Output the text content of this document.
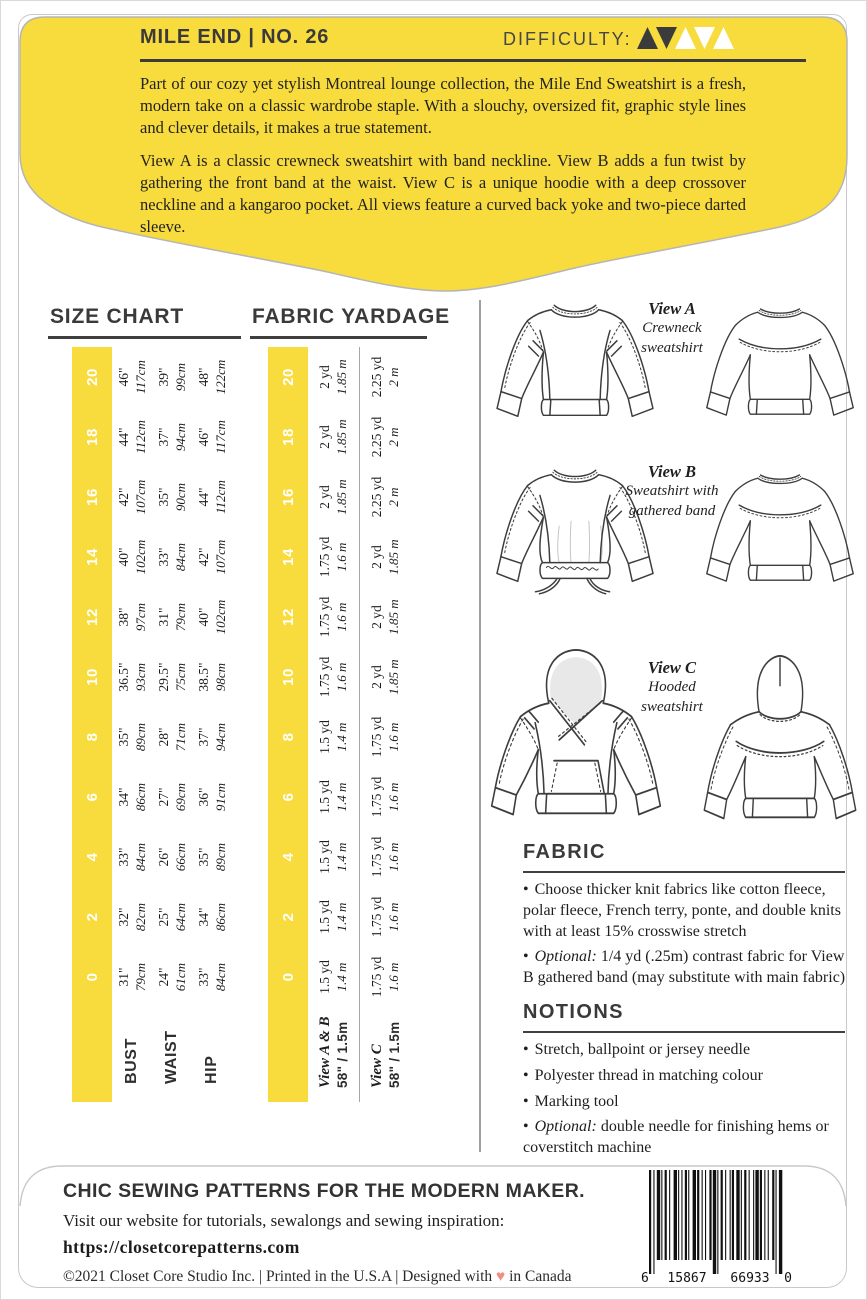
MILE END | NO. 26	DIFFICULTY:

Part of our cozy yet stylish Montreal lounge collection, the Mile End Sweatshirt is a fresh, modern take on a classic wardrobe staple. With a slouchy, oversized fit, graphic style lines and clever details, it makes a true statement.

View A is a classic crewneck sweatshirt with band neckline. View B adds a fun twist by gathering the front band at the waist. View C is a unique hoodie with a deep crossover neckline and a kangaroo pocket. All views feature a curved back yoke and two-piece darted sleeve.

SIZE CHART
0
2
4
6
8
10
12
14
16
18
20
BUST
31" 79cm
32" 82cm
33" 84cm
34" 86cm
35" 89cm
36.5" 93cm
38" 97cm
40" 102cm
42" 107cm
44" 112cm
46" 117cm
WAIST
24" 61cm
25" 64cm
26" 66cm
27" 69cm
28" 71cm
29.5" 75cm
31" 79cm
33" 84cm
35" 90cm
37" 94cm
39" 99cm
HIP
33" 84cm
34" 86cm
35" 89cm
36" 91cm
37" 94cm
38.5" 98cm
40" 102cm
42" 107cm
44" 112cm
46" 117cm
48" 122cm
FABRIC YARDAGE
0
2
4
6
8
10
12
14
16
18
20
View A & B 58" / 1.5m
1.5 yd 1.4 m
1.5 yd 1.4 m
1.5 yd 1.4 m
1.5 yd 1.4 m
1.5 yd 1.4 m
1.75 yd 1.6 m
1.75 yd 1.6 m
1.75 yd 1.6 m
2 yd 1.85 m
2 yd 1.85 m
2 yd 1.85 m
View C 58" / 1.5m
1.75 yd 1.6 m
1.75 yd 1.6 m
1.75 yd 1.6 m
1.75 yd 1.6 m
1.75 yd 1.6 m
2 yd 1.85 m
2 yd 1.85 m
2 yd 1.85 m
2.25 yd 2 m
2.25 yd 2 m
2.25 yd 2 m
View A
Crewneck sweatshirt
View B
Sweatshirt with gathered band
View C
Hooded sweatshirt
FABRIC
• Choose thicker knit fabrics like cotton fleece, polar fleece, French terry, ponte, and double knits with at least 15% crosswise stretch
• Optional: 1/4 yd (.25m) contrast fabric for View B gathered band (may substitute with main fabric)
NOTIONS
• Stretch, ballpoint or jersey needle
• Polyester thread in matching colour
• Marking tool
• Optional: double needle for finishing hems or coverstitch machine
CHIC SEWING PATTERNS FOR THE MODERN MAKER.
Visit our website for tutorials, sewalongs and sewing inspiration:
https://closetcorepatterns.com
©2021 Closet Core Studio Inc. | Printed in the U.S.A | Designed with ♥ in Canada	6 15867 66933 0
